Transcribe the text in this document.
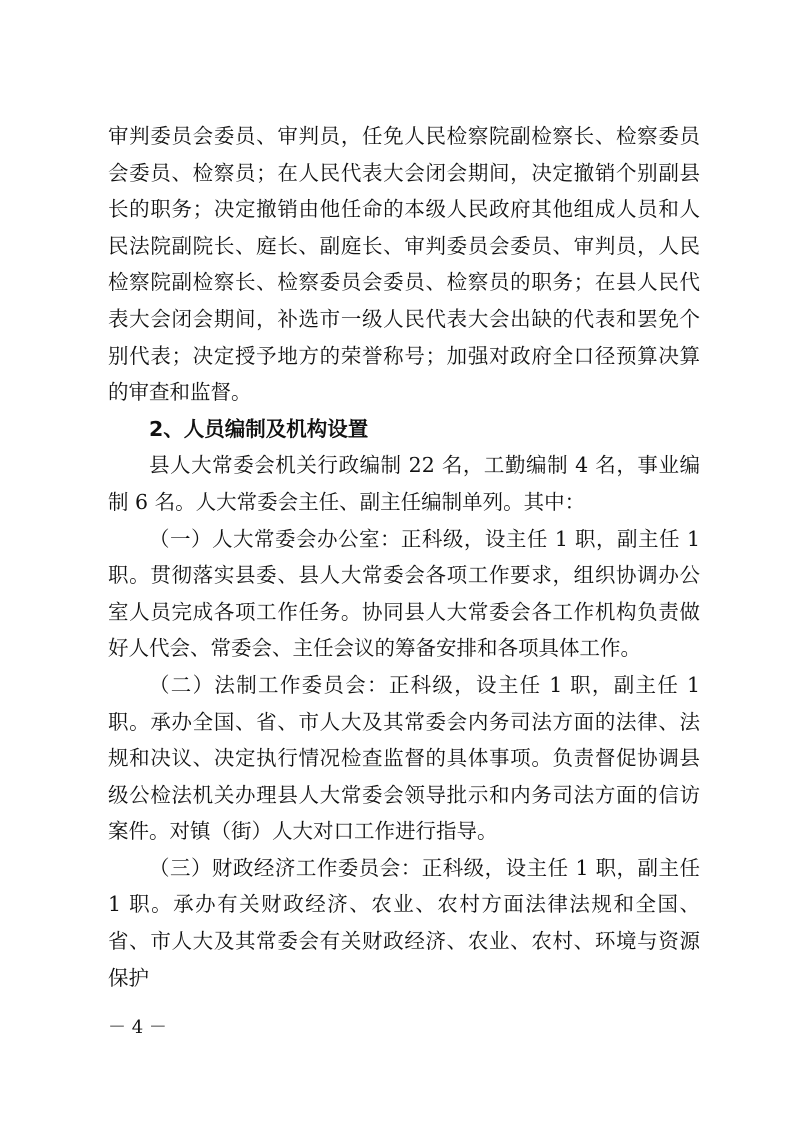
审判委员会委员、审判员，任免人民检察院副检察长、检察委员会委员、检察员；在人民代表大会闭会期间，决定撤销个别副县长的职务；决定撤销由他任命的本级人民政府其他组成人员和人民法院副院长、庭长、副庭长、审判委员会委员、审判员，人民检察院副检察长、检察委员会委员、检察员的职务；在县人民代表大会闭会期间，补选市一级人民代表大会出缺的代表和罢免个别代表；决定授予地方的荣誉称号；加强对政府全口径预算决算的审查和监督。

2、人员编制及机构设置

县人大常委会机关行政编制 22 名，工勤编制 4 名，事业编制 6 名。人大常委会主任、副主任编制单列。其中：

（一）人大常委会办公室：正科级，设主任 1 职，副主任 1 职。贯彻落实县委、县人大常委会各项工作要求，组织协调办公室人员完成各项工作任务。协同县人大常委会各工作机构负责做好人代会、常委会、主任会议的筹备安排和各项具体工作。

（二）法制工作委员会：正科级，设主任 1 职，副主任 1 职。承办全国、省、市人大及其常委会内务司法方面的法律、法规和决议、决定执行情况检查监督的具体事项。负责督促协调县级公检法机关办理县人大常委会领导批示和内务司法方面的信访案件。对镇（街）人大对口工作进行指导。

（三）财政经济工作委员会：正科级，设主任 1 职，副主任 1 职。承办有关财政经济、农业、农村方面法律法规和全国、省、市人大及其常委会有关财政经济、农业、农村、环境与资源保护

－ 4 －
